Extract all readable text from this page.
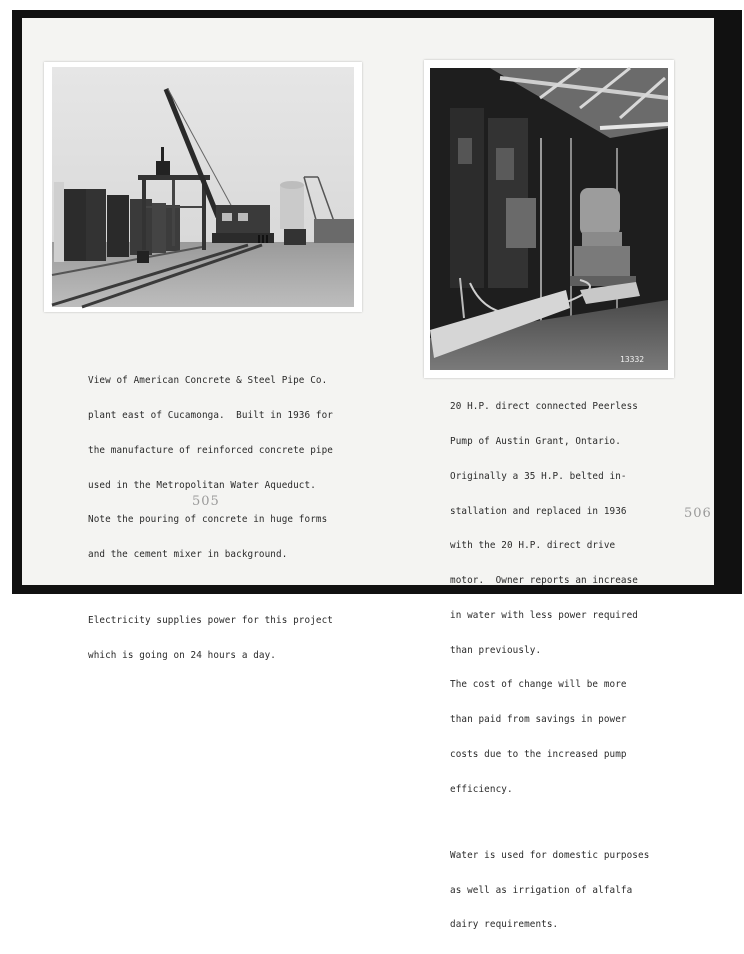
13332

View of American Concrete & Steel Pipe Co.

plant east of Cucamonga.  Built in 1936 for

the manufacture of reinforced concrete pipe

used in the Metropolitan Water Aqueduct.

Note the pouring of concrete in huge forms

and the cement mixer in background.

Electricity supplies power for this project

which is going on 24 hours a day.

20 H.P. direct connected Peerless

Pump of Austin Grant, Ontario.

Originally a 35 H.P. belted in-

stallation and replaced in 1936

with the 20 H.P. direct drive

motor.  Owner reports an increase

in water with less power required

than previously.

The cost of change will be more

than paid from savings in power

costs due to the increased pump

efficiency.

Water is used for domestic purposes

as well as irrigation of alfalfa

dairy requirements.

505
506
